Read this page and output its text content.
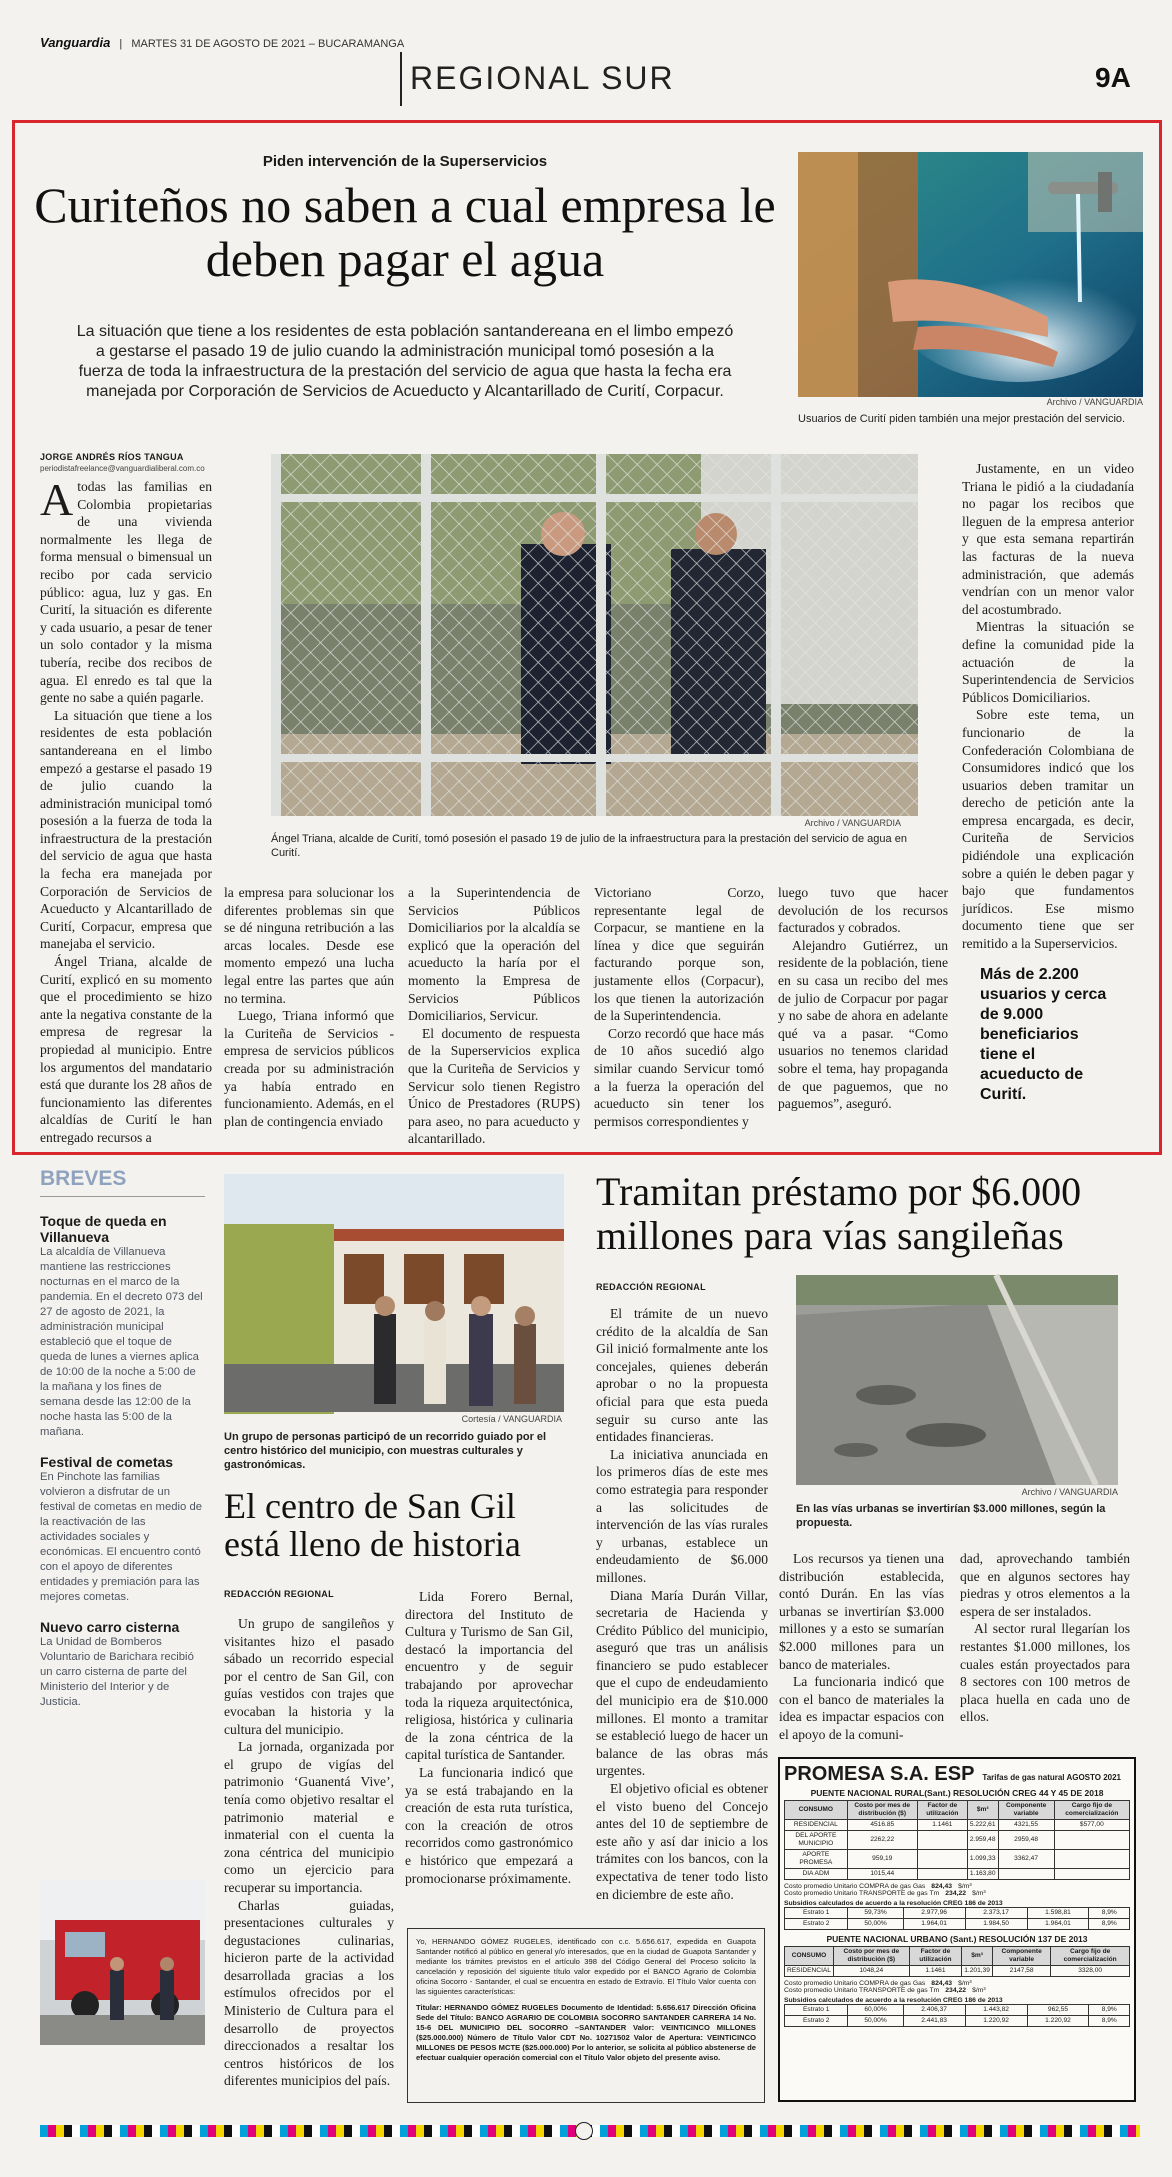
Vanguardia | MARTES 31 DE AGOSTO DE 2021 – BUCARAMANGA
REGIONAL SUR	9A
Piden intervención de la Superservicios
Curiteños no saben a cual empresa le deben pagar el agua
La situación que tiene a los residentes de esta población santandereana en el limbo empezó a gestarse el pasado 19 de julio cuando la administración municipal tomó posesión a la fuerza de toda la infraestructura de la prestación del servicio de agua que hasta la fecha era manejada por Corporación de Servicios de Acueducto y Alcantarillado de Curití, Corpacur.
Archivo / VANGUARDIA
Usuarios de Curití piden también una mejor prestación del servicio.
JORGE ANDRÉS RÍOS TANGUA
periodistafreelance@vanguardialiberal.com.co
A todas las familias en Colombia propietarias de una vivienda normalmente les llega de forma mensual o bimensual un recibo por cada servicio público: agua, luz y gas. En Curití, la situación es diferente y cada usuario, a pesar de tener un solo contador y la misma tubería, recibe dos recibos de agua. El enredo es tal que la gente no sabe a quién pagarle.

La situación que tiene a los residentes de esta población santandereana en el limbo empezó a gestarse el pasado 19 de julio cuando la administración municipal tomó posesión a la fuerza de toda la infraestructura de la prestación del servicio de agua que hasta la fecha era manejada por Corporación de Servicios de Acueducto y Alcantarillado de Curití, Corpacur, empresa que manejaba el servicio.

Ángel Triana, alcalde de Curití, explicó en su momento que el procedimiento se hizo ante la negativa constante de la empresa de regresar la propiedad al municipio. Entre los argumentos del mandatario está que durante los 28 años de funcionamiento las diferentes alcaldías de Curití le han entregado recursos a

Archivo / VANGUARDIA
Ángel Triana, alcalde de Curití, tomó posesión el pasado 19 de julio de la infraestructura para la prestación del servicio de agua en Curití.

la empresa para solucionar los diferentes problemas sin que se dé ninguna retribución a las arcas locales. Desde ese momento empezó una lucha legal entre las partes que aún no termina.

Luego, Triana informó que la Curiteña de Servicios - empresa de servicios públicos creada por su administración ya había entrado en funcionamiento. Además, en el plan de contingencia enviado

a la Superintendencia de Servicios Públicos Domiciliarios por la alcaldía se explicó que la operación del acueducto la haría por el momento la Empresa de Servicios Públicos Domiciliarios, Servicur.

El documento de respuesta de la Superservicios explica que la Curiteña de Servicios y Servicur solo tienen Registro Único de Prestadores (RUPS) para aseo, no para acueducto y alcantarillado.

Victoriano Corzo, representante legal de Corpacur, se mantiene en la línea y dice que seguirán facturando porque son, justamente ellos (Corpacur), los que tienen la autorización de la Superintendencia.

Corzo recordó que hace más de 10 años sucedió algo similar cuando Servicur tomó a la fuerza la operación del acueducto sin tener los permisos correspondientes y

luego tuvo que hacer devolución de los recursos facturados y cobrados.

Alejandro Gutiérrez, un residente de la población, tiene en su casa un recibo del mes de julio de Corpacur por pagar y no sabe de ahora en adelante qué va a pasar. “Como usuarios no tenemos claridad sobre el tema, hay propaganda de que paguemos, que no paguemos”, aseguró.

Justamente, en un video Triana le pidió a la ciudadanía no pagar los recibos que lleguen de la empresa anterior y que esta semana repartirán las facturas de la nueva administración, que además vendrían con un menor valor del acostumbrado.

Mientras la situación se define la comunidad pide la actuación de la Superintendencia de Servicios Públicos Domiciliarios.

Sobre este tema, un funcionario de la Confederación Colombiana de Consumidores indicó que los usuarios deben tramitar un derecho de petición ante la empresa encargada, es decir, Curiteña de Servicios pidiéndole una explicación sobre a quién le deben pagar y bajo que fundamentos jurídicos. Ese mismo documento tiene que ser remitido a la Superservicios.

Más de 2.200 usuarios y cerca de 9.000 beneficiarios tiene el acueducto de Curití.
BREVES
Toque de queda en Villanueva

La alcaldía de Villanueva mantiene las restricciones nocturnas en el marco de la pandemia. En el decreto 073 del 27 de agosto de 2021, la administración municipal estableció que el toque de queda de lunes a viernes aplica de 10:00 de la noche a 5:00 de la mañana y los fines de semana desde las 12:00 de la noche hasta las 5:00 de la mañana.

Festival de cometas

En Pinchote las familias volvieron a disfrutar de un festival de cometas en medio de la reactivación de las actividades sociales y económicas. El encuentro contó con el apoyo de diferentes entidades y premiación para las mejores cometas.

Nuevo carro cisterna

La Unidad de Bomberos Voluntario de Barichara recibió un carro cisterna de parte del Ministerio del Interior y de Justicia.

Cortesía / VANGUARDIA
Un grupo de personas participó de un recorrido guiado por el centro histórico del municipio, con muestras culturales y gastronómicas.
El centro de San Gil está lleno de historia
REDACCIÓN REGIONAL

Un grupo de sangileños y visitantes hizo el pasado sábado un recorrido especial por el centro de San Gil, con guías vestidos con trajes que evocaban la historia y la cultura del municipio.

La jornada, organizada por el grupo de vigías del patrimonio ‘Guanentá Vive’, tenía como objetivo resaltar el patrimonio material e inmaterial con el cuenta la zona céntrica del municipio como un ejercicio para recuperar su importancia.

Charlas guiadas, presentaciones culturales y degustaciones culinarias, hicieron parte de la actividad desarrollada gracias a los estímulos ofrecidos por el Ministerio de Cultura para el desarrollo de proyectos direccionados a resaltar los centros históricos de los diferentes municipios del país.

Lida Forero Bernal, directora del Instituto de Cultura y Turismo de San Gil, destacó la importancia del encuentro y de seguir trabajando por aprovechar toda la riqueza arquitectónica, religiosa, histórica y culinaria de la zona céntrica de la capital turística de Santander.

La funcionaria indicó que ya se está trabajando en la creación de esta ruta turística, con la creación de otros recorridos como gastronómico e histórico que empezará a promocionarse próximamente.

Tramitan préstamo por $6.000 millones para vías sangileñas
REDACCIÓN REGIONAL

El trámite de un nuevo crédito de la alcaldía de San Gil inició formalmente ante los concejales, quienes deberán aprobar o no la propuesta oficial para que esta pueda seguir su curso ante las entidades financieras.

La iniciativa anunciada en los primeros días de este mes como estrategia para responder a las solicitudes de intervención de las vías rurales y urbanas, establece un endeudamiento de $6.000 millones.

Diana María Durán Villar, secretaria de Hacienda y Crédito Público del municipio, aseguró que tras un análisis financiero se pudo establecer que el cupo de endeudamiento del municipio era de $10.000 millones. El monto a tramitar se estableció luego de hacer un balance de las obras más urgentes.

El objetivo oficial es obtener el visto bueno del Concejo antes del 10 de septiembre de este año y así dar inicio a los trámites con los bancos, con la expectativa de tener todo listo en diciembre de este año.

Archivo / VANGUARDIA
En las vías urbanas se invertirían $3.000 millones, según la propuesta.

Los recursos ya tienen una distribución establecida, contó Durán. En las vías urbanas se invertirían $3.000 millones y a esto se sumarían $2.000 millones para un banco de materiales.

La funcionaria indicó que con el banco de materiales la idea es impactar espacios con el apoyo de la comuni-

dad, aprovechando también que en algunos sectores hay piedras y otros elementos a la espera de ser instalados.

Al sector rural llegarían los restantes $1.000 millones, los cuales están proyectados para 8 sectores con 100 metros de placa huella en cada uno de ellos.

Yo, HERNANDO GÓMEZ RUGELES, identificado con c.c. 5.656.617, expedida en Guapota Santander notificó al público en general y/o interesados, que en la ciudad de Guapota Santander y mediante los trámites previstos en el artículo 398 del Código General del Proceso solicito la cancelación y reposición del siguiente título valor expedido por el BANCO Agrario de Colombia oficina Socorro - Santander, el cual se encuentra en estado de Extravío. El Título Valor cuenta con las siguientes características:

Titular: HERNANDO GÓMEZ RUGELES Documento de Identidad: 5.656.617 Dirección Oficina Sede del Título: BANCO AGRARIO DE COLOMBIA SOCORRO SANTANDER CARRERA 14 No. 15-6 DEL MUNICIPIO DEL SOCORRO –SANTANDER Valor: VEINTICINCO MILLONES ($25.000.000) Número de Título Valor CDT No. 10271502 Valor de Apertura: VEINTICINCO MILLONES DE PESOS MCTE ($25.000.000) Por lo anterior, se solicita al público abstenerse de efectuar cualquier operación comercial con el Título Valor objeto del presente aviso.

PROMESA S.A. ESP Tarifas de gas natural AGOSTO 2021
PUENTE NACIONAL RURAL(Sant.) RESOLUCIÓN CREG 44 Y 45 DE 2018
CONSUMO	Costo por mes de distribución ($)	Factor de utilización	$m³	Componente variable	Cargo fijo de comercialización
RESIDENCIAL	4516.85	1.1461	5.222,61	4321,55	$577,00
DEL APORTE MUNICIPIO	2262,22		2.959,48	2959,48	
APORTE PROMESA	959,19		1.099,33	3362,47	
DIA ADM	1015,44		1.163,80		
Costo promedio Unitario COMPRA de gas Gas 824,43 $/m³
Costo promedio Unitario TRANSPORTE de gas Tm 234,22 $/m³
Subsidios calculados de acuerdo a la resolución CREG 186 de 2013
Estrato 1	59,73%	2.977,96	2.373,17	1.598,81	8,9%
Estrato 2	50,00%	1.964,01	1.984,50	1.964,01	8,9%
PUENTE NACIONAL URBANO (Sant.) RESOLUCIÓN 137 DE 2013
CONSUMO	Costo por mes de distribución ($)	Factor de utilización	$m³	Componente variable	Cargo fijo de comercialización
RESIDENCIAL	1048,24	1.1461	1.201,39	2147,58	3328,00
Costo promedio Unitario COMPRA de gas Gas 824,43 $/m³
Costo promedio Unitario TRANSPORTE de gas Tm 234,22 $/m³
Subsidios calculados de acuerdo a la resolución CREG 186 de 2013
Estrato 1	60,00%	2.406,37	1.443,82	962,55	8,9%
Estrato 2	50,00%	2.441,83	1.220,92	1.220,92	8,9%
